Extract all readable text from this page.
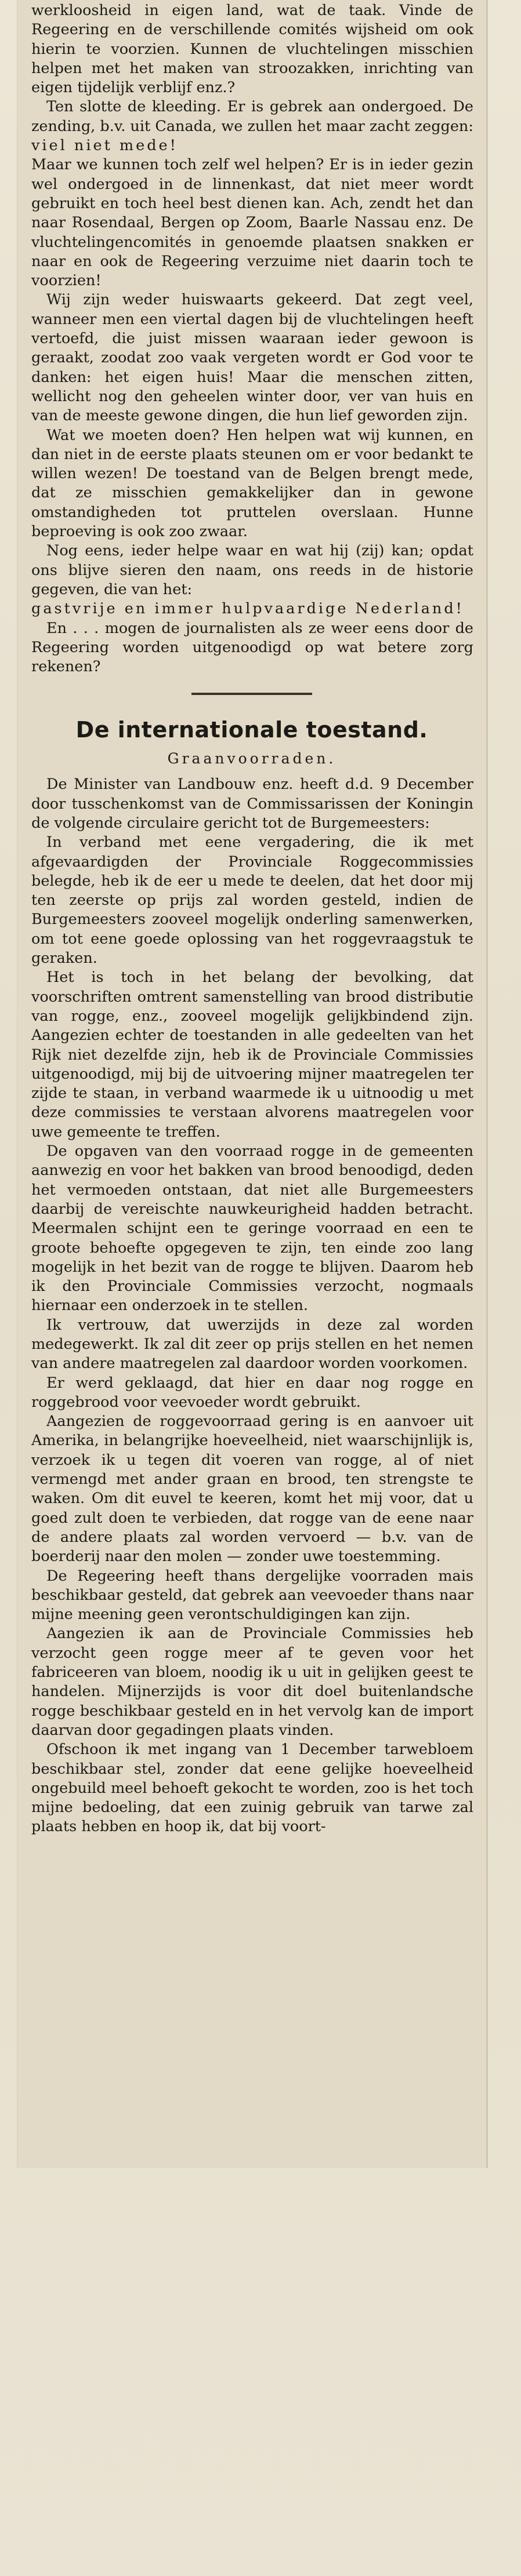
werkloosheid in eigen land, wat de taak. Vinde de Regeering en de verschillende comités wijsheid om ook hierin te voorzien. Kunnen de vluchtelingen misschien helpen met het maken van stroozakken, inrichting van eigen tijdelijk verblijf enz.?

Ten slotte de kleeding. Er is gebrek aan ondergoed. De zending, b.v. uit Canada, we zullen het maar zacht zeggen:

viel niet mede!

Maar we kunnen toch zelf wel helpen? Er is in ieder gezin wel ondergoed in de linnenkast, dat niet meer wordt gebruikt en toch heel best dienen kan. Ach, zendt het dan naar Rosendaal, Bergen op Zoom, Baarle Nassau enz. De vluchtelingencomités in genoemde plaatsen snakken er naar en ook de Regeering verzuime niet daarin toch te voorzien!

Wij zijn weder huiswaarts gekeerd. Dat zegt veel, wanneer men een viertal dagen bij de vluchtelingen heeft vertoefd, die juist missen waaraan ieder gewoon is geraakt, zoodat zoo vaak vergeten wordt er God voor te danken: het eigen huis! Maar die menschen zitten, wellicht nog den geheelen winter door, ver van huis en van de meeste gewone dingen, die hun lief geworden zijn.

Wat we moeten doen? Hen helpen wat wij kunnen, en dan niet in de eerste plaats steunen om er voor bedankt te willen wezen! De toestand van de Belgen brengt mede, dat ze misschien gemakkelijker dan in gewone omstandigheden tot pruttelen overslaan. Hunne beproeving is ook zoo zwaar.

Nog eens, ieder helpe waar en wat hij (zij) kan; opdat ons blijve sieren den naam, ons reeds in de historie gegeven, die van het:

gastvrije en immer hulpvaardige Nederland!

En . . . mogen de journalisten als ze weer eens door de Regeering worden uitgenoodigd op wat betere zorg rekenen?

De internationale toestand.
Graanvoorraden.

De Minister van Landbouw enz. heeft d.d. 9 December door tusschenkomst van de Commissarissen der Koningin de volgende circulaire gericht tot de Burgemeesters:

In verband met eene vergadering, die ik met afgevaardigden der Provinciale Roggecommissies belegde, heb ik de eer u mede te deelen, dat het door mij ten zeerste op prijs zal worden gesteld, indien de Burgemeesters zooveel mogelijk onderling samenwerken, om tot eene goede oplossing van het roggevraagstuk te geraken.

Het is toch in het belang der bevolking, dat voorschriften omtrent samenstelling van brood distributie van rogge, enz., zooveel mogelijk gelijkbindend zijn. Aangezien echter de toestanden in alle gedeelten van het Rijk niet dezelfde zijn, heb ik de Provinciale Commissies uitgenoodigd, mij bij de uitvoering mijner maatregelen ter zijde te staan, in verband waarmede ik u uitnoodig u met deze commissies te verstaan alvorens maatregelen voor uwe gemeente te treffen.

De opgaven van den voorraad rogge in de gemeenten aanwezig en voor het bakken van brood benoodigd, deden het vermoeden ontstaan, dat niet alle Burgemeesters daarbij de vereischte nauwkeurigheid hadden betracht. Meermalen schijnt een te geringe voorraad en een te groote behoefte opgegeven te zijn, ten einde zoo lang mogelijk in het bezit van de rogge te blijven. Daarom heb ik den Provinciale Commissies verzocht, nogmaals hiernaar een onderzoek in te stellen.

Ik vertrouw, dat uwerzijds in deze zal worden medegewerkt. Ik zal dit zeer op prijs stellen en het nemen van andere maatregelen zal daardoor worden voorkomen.

Er werd geklaagd, dat hier en daar nog rogge en roggebrood voor veevoeder wordt gebruikt.

Aangezien de roggevoorraad gering is en aanvoer uit Amerika, in belangrijke hoeveelheid, niet waarschijnlijk is, verzoek ik u tegen dit voeren van rogge, al of niet vermengd met ander graan en brood, ten strengste te waken. Om dit euvel te keeren, komt het mij voor, dat u goed zult doen te verbieden, dat rogge van de eene naar de andere plaats zal worden vervoerd — b.v. van de boerderij naar den molen — zonder uwe toestemming.

De Regeering heeft thans dergelijke voorraden mais beschikbaar gesteld, dat gebrek aan veevoeder thans naar mijne meening geen verontschuldigingen kan zijn.

Aangezien ik aan de Provinciale Commissies heb verzocht geen rogge meer af te geven voor het fabriceeren van bloem, noodig ik u uit in gelijken geest te handelen. Mijnerzijds is voor dit doel buitenlandsche rogge beschikbaar gesteld en in het vervolg kan de import daarvan door gegadingen plaats vinden.

Ofschoon ik met ingang van 1 December tarwebloem beschikbaar stel, zonder dat eene gelijke hoeveelheid ongebuild meel behoeft gekocht te worden, zoo is het toch mijne bedoeling, dat een zuinig gebruik van tarwe zal plaats hebben en hoop ik, dat bij voort-
